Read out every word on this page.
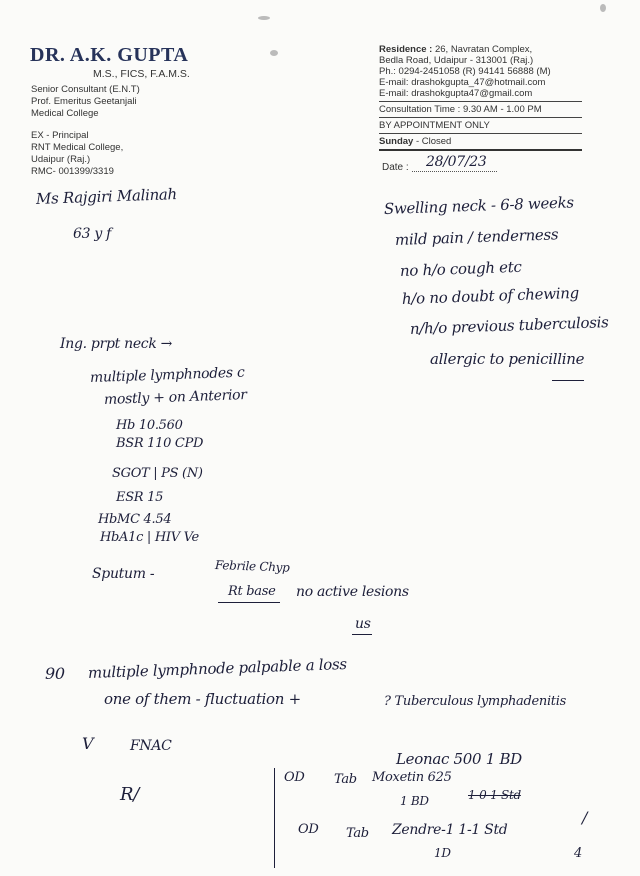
DR. A.K. GUPTA
M.S., FICS, F.A.M.S.
Senior Consultant (E.N.T)
Prof. Emeritus Geetanjali
Medical College
EX - Principal
RNT Medical College,
Udaipur (Raj.)
RMC- 001399/3319
Residence : 26, Navratan Complex,
Bedla Road, Udaipur - 313001 (Raj.)
Ph.: 0294-2451058 (R) 94141 56888 (M)
E-mail: drashokgupta_47@hotmail.com
E-mail: drashokgupta47@gmail.com
Consultation Time : 9.30 AM - 1.00 PM
BY APPOINTMENT ONLY
Sunday - Closed
Date : 28/07/23
Ms Rajgiri Malinah
63 y f
Swelling neck - 6-8 weeks
mild pain / tenderness
no h/o cough etc
h/o no doubt of chewing
n/h/o previous tuberculosis
allergic to penicilline
Ing. prpt neck →
multiple lymphnodes c
mostly + on Anterior
Hb 10.560
BSR 110 CPD
SGOT | PS (N)
ESR 15
HbMC 4.54
HbA1c | HIV Ve
Sputum -	Febrile Chyp
Rt base no active lesions
us
90 multiple lymphnode palpable a loss
one of them - fluctuation +	? Tuberculous lymphadenitis
V	FNAC
R/
Leonac 500 1 BD
OD Tab Moxetin 625
1 BD	1-0-1 Std
OD Tab Zendre-1 1-1 Std
1D
/
4
